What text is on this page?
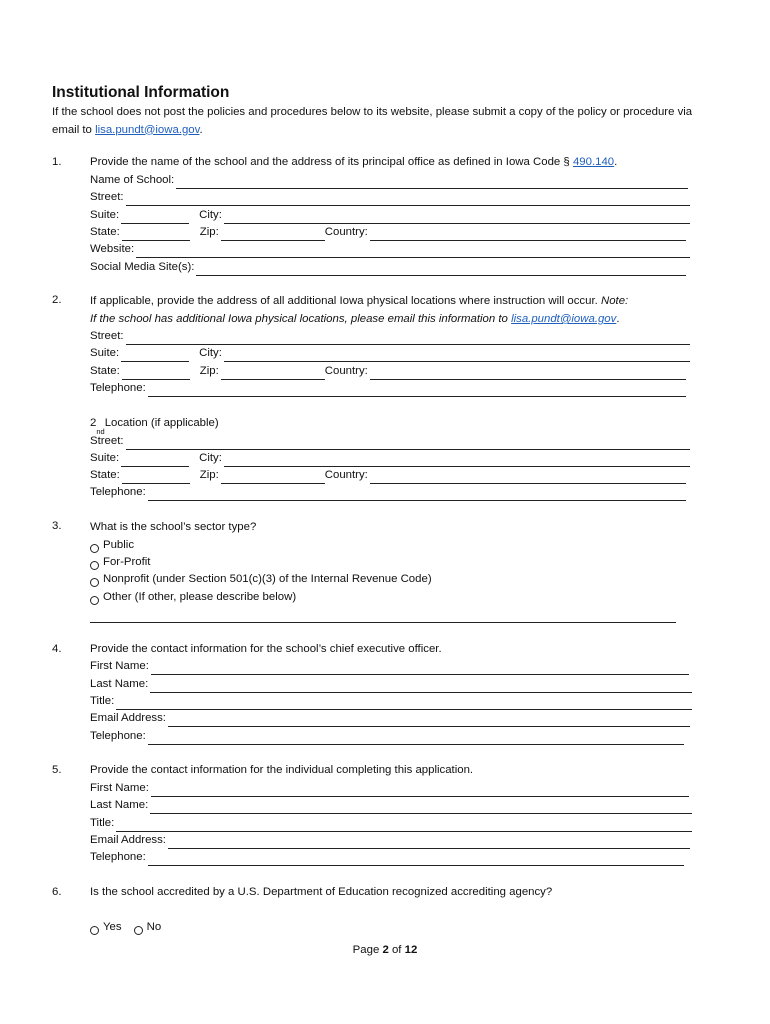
Institutional Information
If the school does not post the policies and procedures below to its website, please submit a copy of the policy or procedure via email to lisa.pundt@iowa.gov.
1.	Provide the name of the school and the address of its principal office as defined in Iowa Code §
490.140 .
Name of School:
Street:
Suite:	City:
State:	Zip:	Country:
Website:
Social Media Site(s):
2.	If applicable, provide the address of all additional Iowa physical locations where instruction will occur.
Note:
If the school has additional Iowa physical locations, please email this information to
lisa.pundt@iowa.gov .
Street:
Suite:	City:
State:	Zip:	Country:
Telephone:
2
nd
Location (if applicable)
Street:
Suite:	City:
State:	Zip:	Country:
Telephone:
3.	What is the school’s sector type?
Public
For-Profit
Nonprofit (under Section 501(c)(3) of the Internal Revenue Code)
Other (If other, please describe below)
4.	Provide the contact information for the school’s chief executive officer.
First Name:
Last Name:
Title:
Email Address:
Telephone:
5.	Provide the contact information for the individual completing this application.
First Name:
Last Name:
Title:
Email Address:
Telephone:
6.	Is the school accredited by a U.S. Department of Education recognized accrediting agency?
Yes No
Page 2 of 12
